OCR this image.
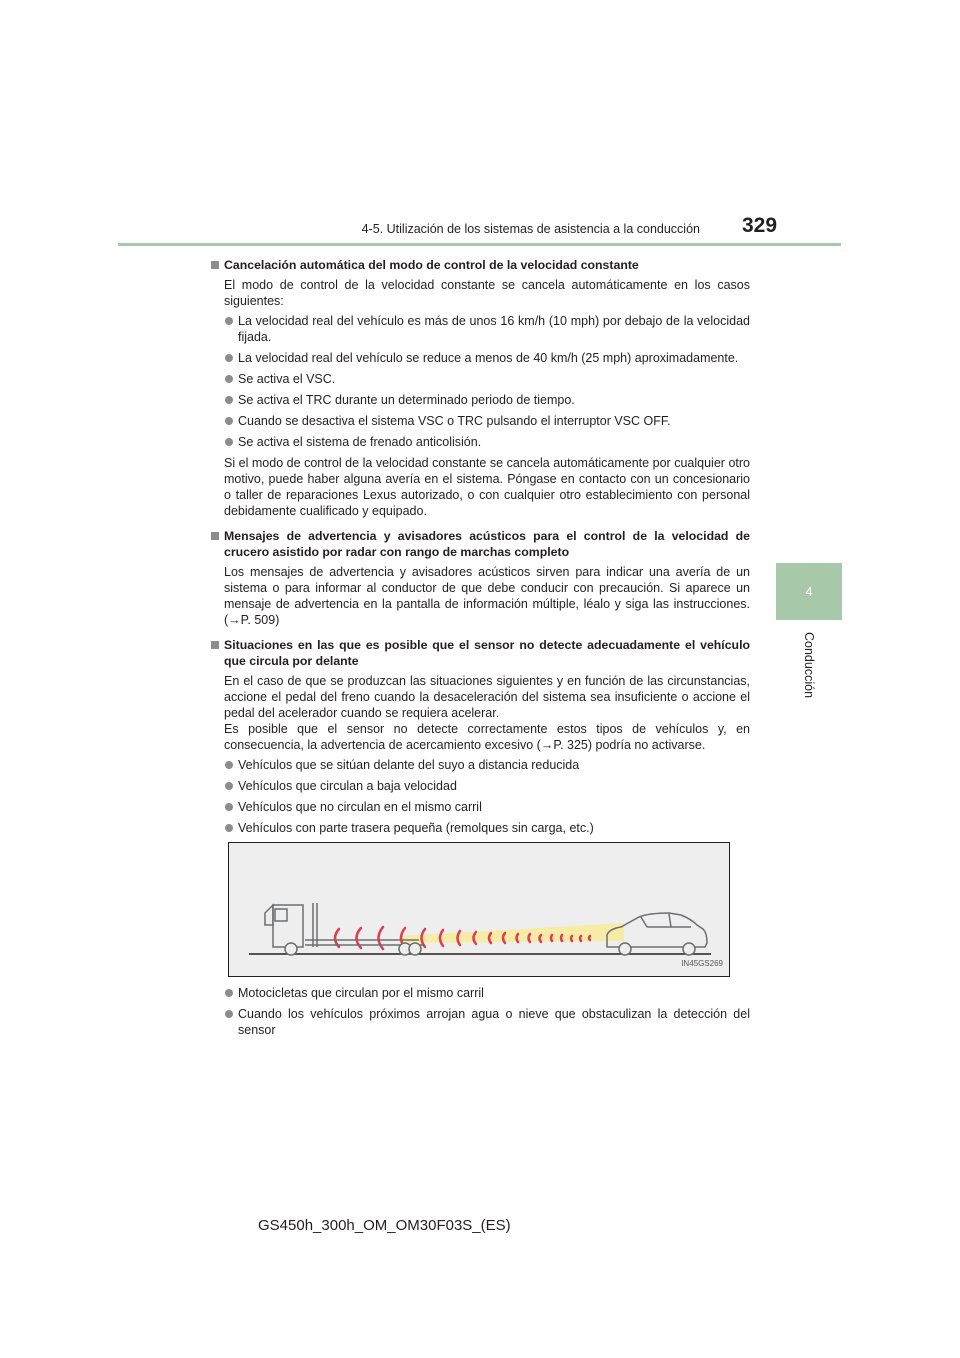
4-5. Utilización de los sistemas de asistencia a la conducción 329
4
Conducción
Cancelación automática del modo de control de la velocidad constante
El modo de control de la velocidad constante se cancela automáticamente en los casos siguientes:
La velocidad real del vehículo es más de unos 16 km/h (10 mph) por debajo de la velocidad fijada.
La velocidad real del vehículo se reduce a menos de 40 km/h (25 mph) aproximadamente.
Se activa el VSC.
Se activa el TRC durante un determinado periodo de tiempo.
Cuando se desactiva el sistema VSC o TRC pulsando el interruptor VSC OFF.
Se activa el sistema de frenado anticolisión.
Si el modo de control de la velocidad constante se cancela automáticamente por cualquier otro motivo, puede haber alguna avería en el sistema. Póngase en contacto con un concesionario o taller de reparaciones Lexus autorizado, o con cualquier otro establecimiento con personal debidamente cualificado y equipado.
Mensajes de advertencia y avisadores acústicos para el control de la velocidad de crucero asistido por radar con rango de marchas completo
Los mensajes de advertencia y avisadores acústicos sirven para indicar una avería de un sistema o para informar al conductor de que debe conducir con precaución. Si aparece un mensaje de advertencia en la pantalla de información múltiple, léalo y siga las instrucciones. (→P. 509)
Situaciones en las que es posible que el sensor no detecte adecuadamente el vehículo que circula por delante
En el caso de que se produzcan las situaciones siguientes y en función de las circunstancias, accione el pedal del freno cuando la desaceleración del sistema sea insuficiente o accione el pedal del acelerador cuando se requiera acelerar.
Es posible que el sensor no detecte correctamente estos tipos de vehículos y, en consecuencia, la advertencia de acercamiento excesivo (→P. 325) podría no activarse.
Vehículos que se sitúan delante del suyo a distancia reducida
Vehículos que circulan a baja velocidad
Vehículos que no circulan en el mismo carril
Vehículos con parte trasera pequeña (remolques sin carga, etc.)
IN45GS269
Motocicletas que circulan por el mismo carril
Cuando los vehículos próximos arrojan agua o nieve que obstaculizan la detección del sensor
GS450h_300h_OM_OM30F03S_(ES)
